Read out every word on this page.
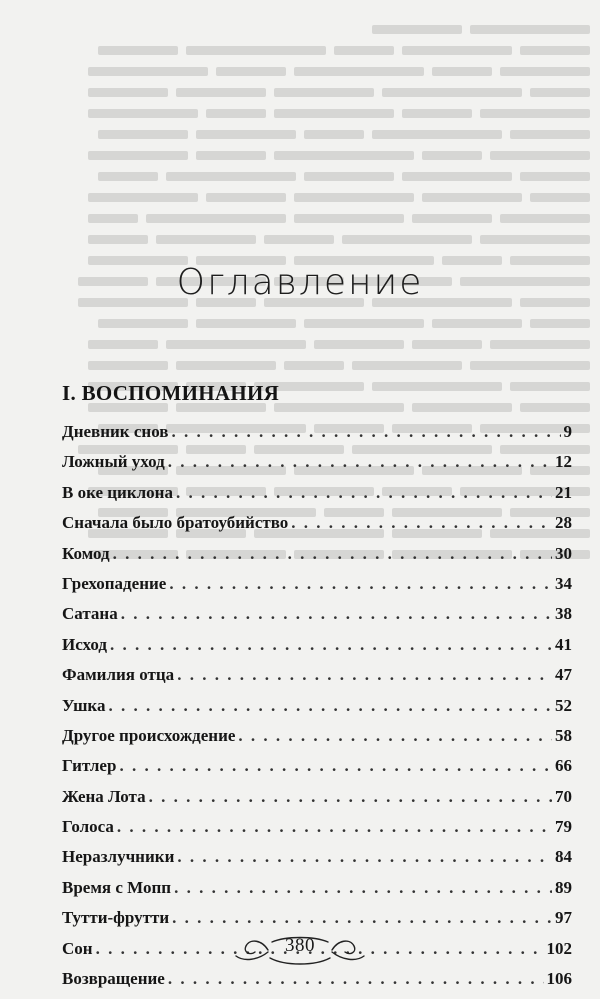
Оглавление
I. ВОСПОМИНАНИЯ
Дневник снов . . .	9
Ложный уход . . .	12
В оке циклона . . .	21
Сначала было братоубийство . . .	28
Комод . . .	30
Грехопадение . . .	34
Сатана . . .	38
Исход . . .	41
Фамилия отца . . .	47
Ушка . . .	52
Другое происхождение . . .	58
Гитлер . . .	66
Жена Лота . . .	70
Голоса . . .	79
Неразлучники . . .	84
Время с Мопп . . .	89
Тутти-фрутти . . .	97
Сон . . .	102
Возвращение . . .	106
380
